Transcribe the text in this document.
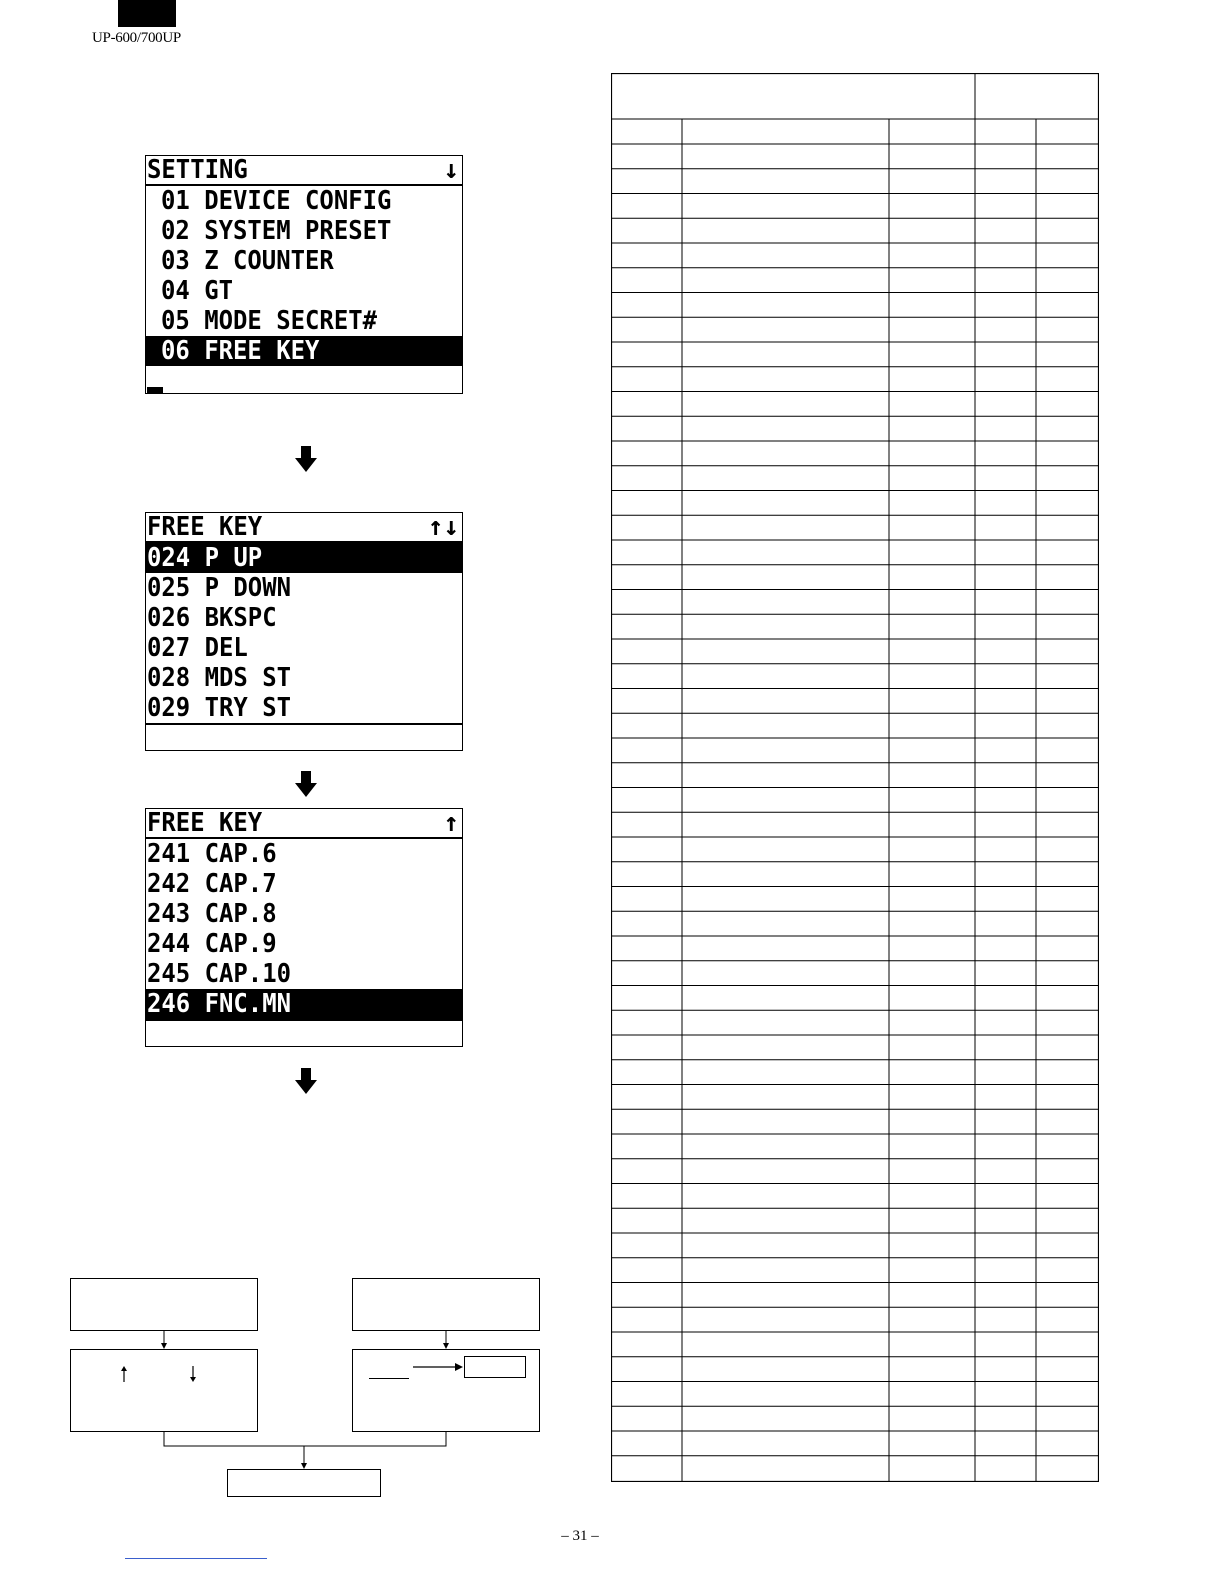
UP-600/700UP
SETTING	↓
01 DEVICE CONFIG
02 SYSTEM PRESET
03 Z COUNTER
04 GT
05 MODE SECRET#
06 FREE KEY
FREE KEY	↑↓
024 P UP
025 P DOWN
026 BKSPC
027 DEL
028 MDS ST
029 TRY ST
FREE KEY	↑
241 CAP.6
242 CAP.7
243 CAP.8
244 CAP.9
245 CAP.10
246 FNC.MN
– 31 –
